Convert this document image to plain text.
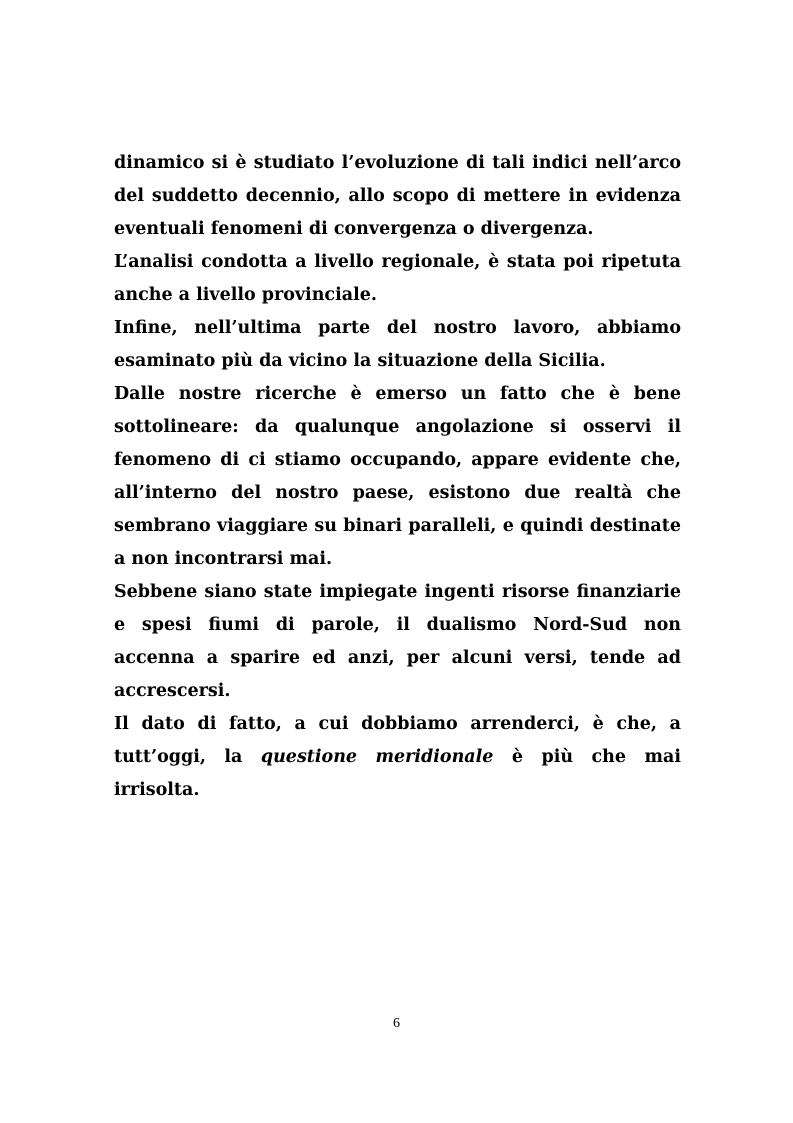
dinamico si è studiato l’evoluzione di tali indici nell’arco del suddetto decennio, allo scopo di mettere in evidenza eventuali fenomeni di convergenza o divergenza.

L’analisi condotta a livello regionale, è stata poi ripetuta anche a livello provinciale.

Infine, nell’ultima parte del nostro lavoro, abbiamo esaminato più da vicino la situazione della Sicilia.

Dalle nostre ricerche è emerso un fatto che è bene sottolineare: da qualunque angolazione si osservi il fenomeno di ci stiamo occupando, appare evidente che, all’interno del nostro paese, esistono due realtà che sembrano viaggiare su binari paralleli, e quindi destinate a non incontrarsi mai.

Sebbene siano state impiegate ingenti risorse finanziarie e spesi fiumi di parole, il dualismo Nord-Sud non accenna a sparire ed anzi, per alcuni versi, tende ad accrescersi.

Il dato di fatto, a cui dobbiamo arrenderci, è che, a tutt’oggi, la questione meridionale è più che mai irrisolta.

6
